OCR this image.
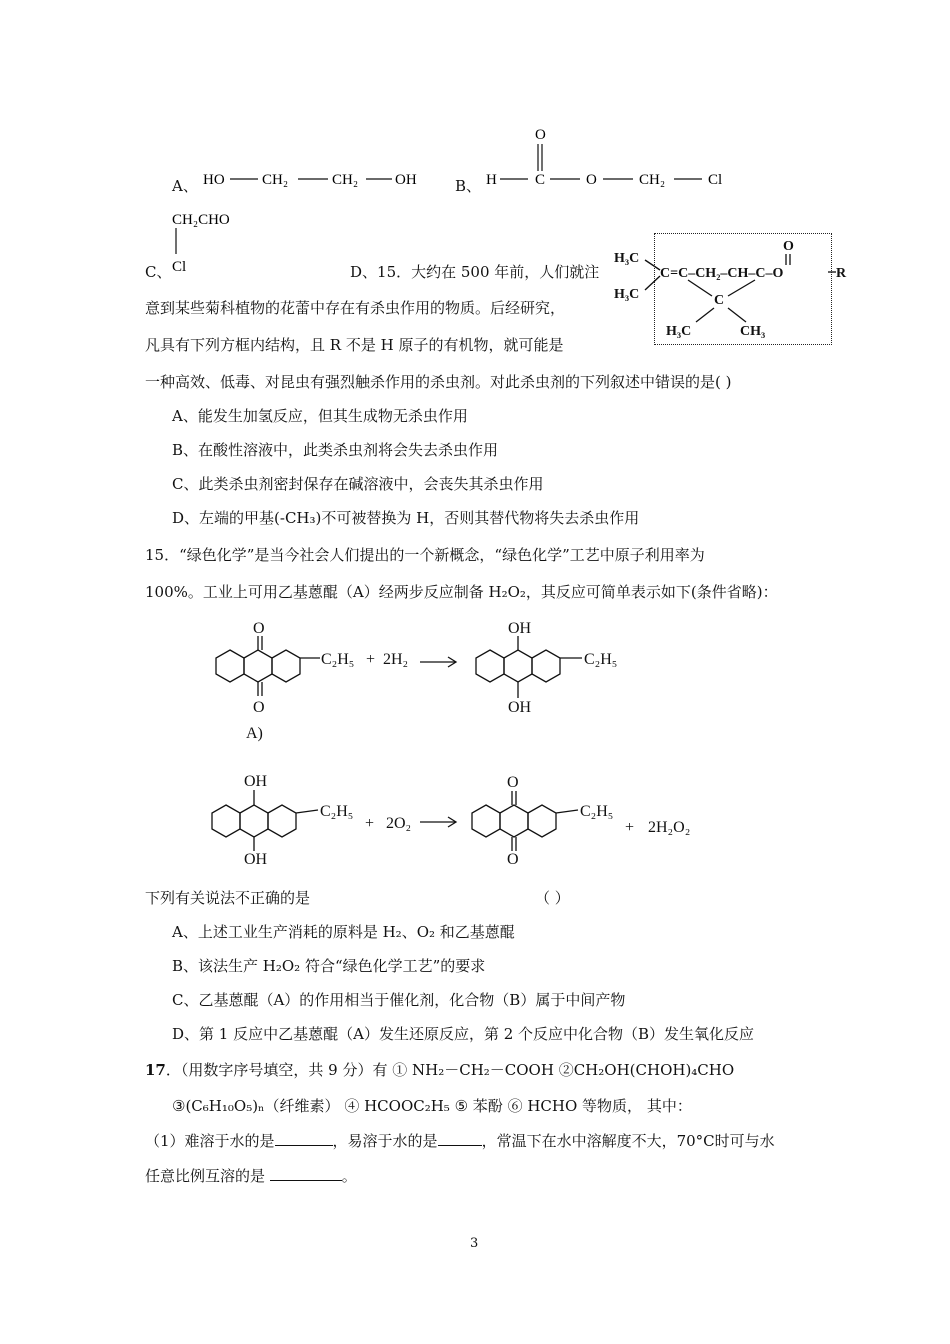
A、 HO CH₂	CH₂ OH
O
H	C	O	CH₂	Cl
CH₂CHO
Cl
B、
C、	D、15．大约在 500 年前，人们就注
意到某些菊科植物的花蕾中存在有杀虫作用的物质。后经研究，
凡具有下列方框内结构，且 R 不是 H 原子的有机物，就可能是
一种高效、低毒、对昆虫有强烈触杀作用的杀虫剂。对此杀虫剂的下列叙述中错误的是( )
A、能发生加氢反应，但其生成物无杀虫作用
B、在酸性溶液中，此类杀虫剂将会失去杀虫作用
C、此类杀虫剂密封保存在碱溶液中，会丧失其杀虫作用
D、左端的甲基(-CH₃)不可被替换为 H，否则其替代物将失去杀虫作用
H₃C
H₃C
C=C–CH₂–CH–C–O
O
R
C
H₃C	CH₃
15．“绿色化学”是当今社会人们提出的一个新概念，“绿色化学”工艺中原子利用率为
100%。工业上可用乙基蒽醌（A）经两步反应制备 H₂O₂，其反应可简单表示如下(条件省略)：
O
O
C₂H₅ + 2H₂
OH
OH
C₂H₅
A)
OH
OH
C₂H₅
+ 2O₂
O
O
C₂H₅
+ 2H₂O₂
下列有关说法不正确的是	（ ）
A、上述工业生产消耗的原料是 H₂、O₂ 和乙基蒽醌
B、该法生产 H₂O₂ 符合“绿色化学工艺”的要求
C、乙基蒽醌（A）的作用相当于催化剂，化合物（B）属于中间产物
D、第 1 反应中乙基蒽醌（A）发生还原反应，第 2 个反应中化合物（B）发生氧化反应
17．（用数字序号填空，共 9 分）有 ① NH₂－CH₂－COOH ②CH₂OH(CHOH)₄CHO
③(C₆H₁₀O₅)ₙ（纤维素） ④ HCOOC₂H₅ ⑤ 苯酚 ⑥ HCHO 等物质， 其中：
（1）难溶于水的是	，易溶于水的是	，常温下在水中溶解度不大，70°C时可与水
任意比例互溶的是	。
3
